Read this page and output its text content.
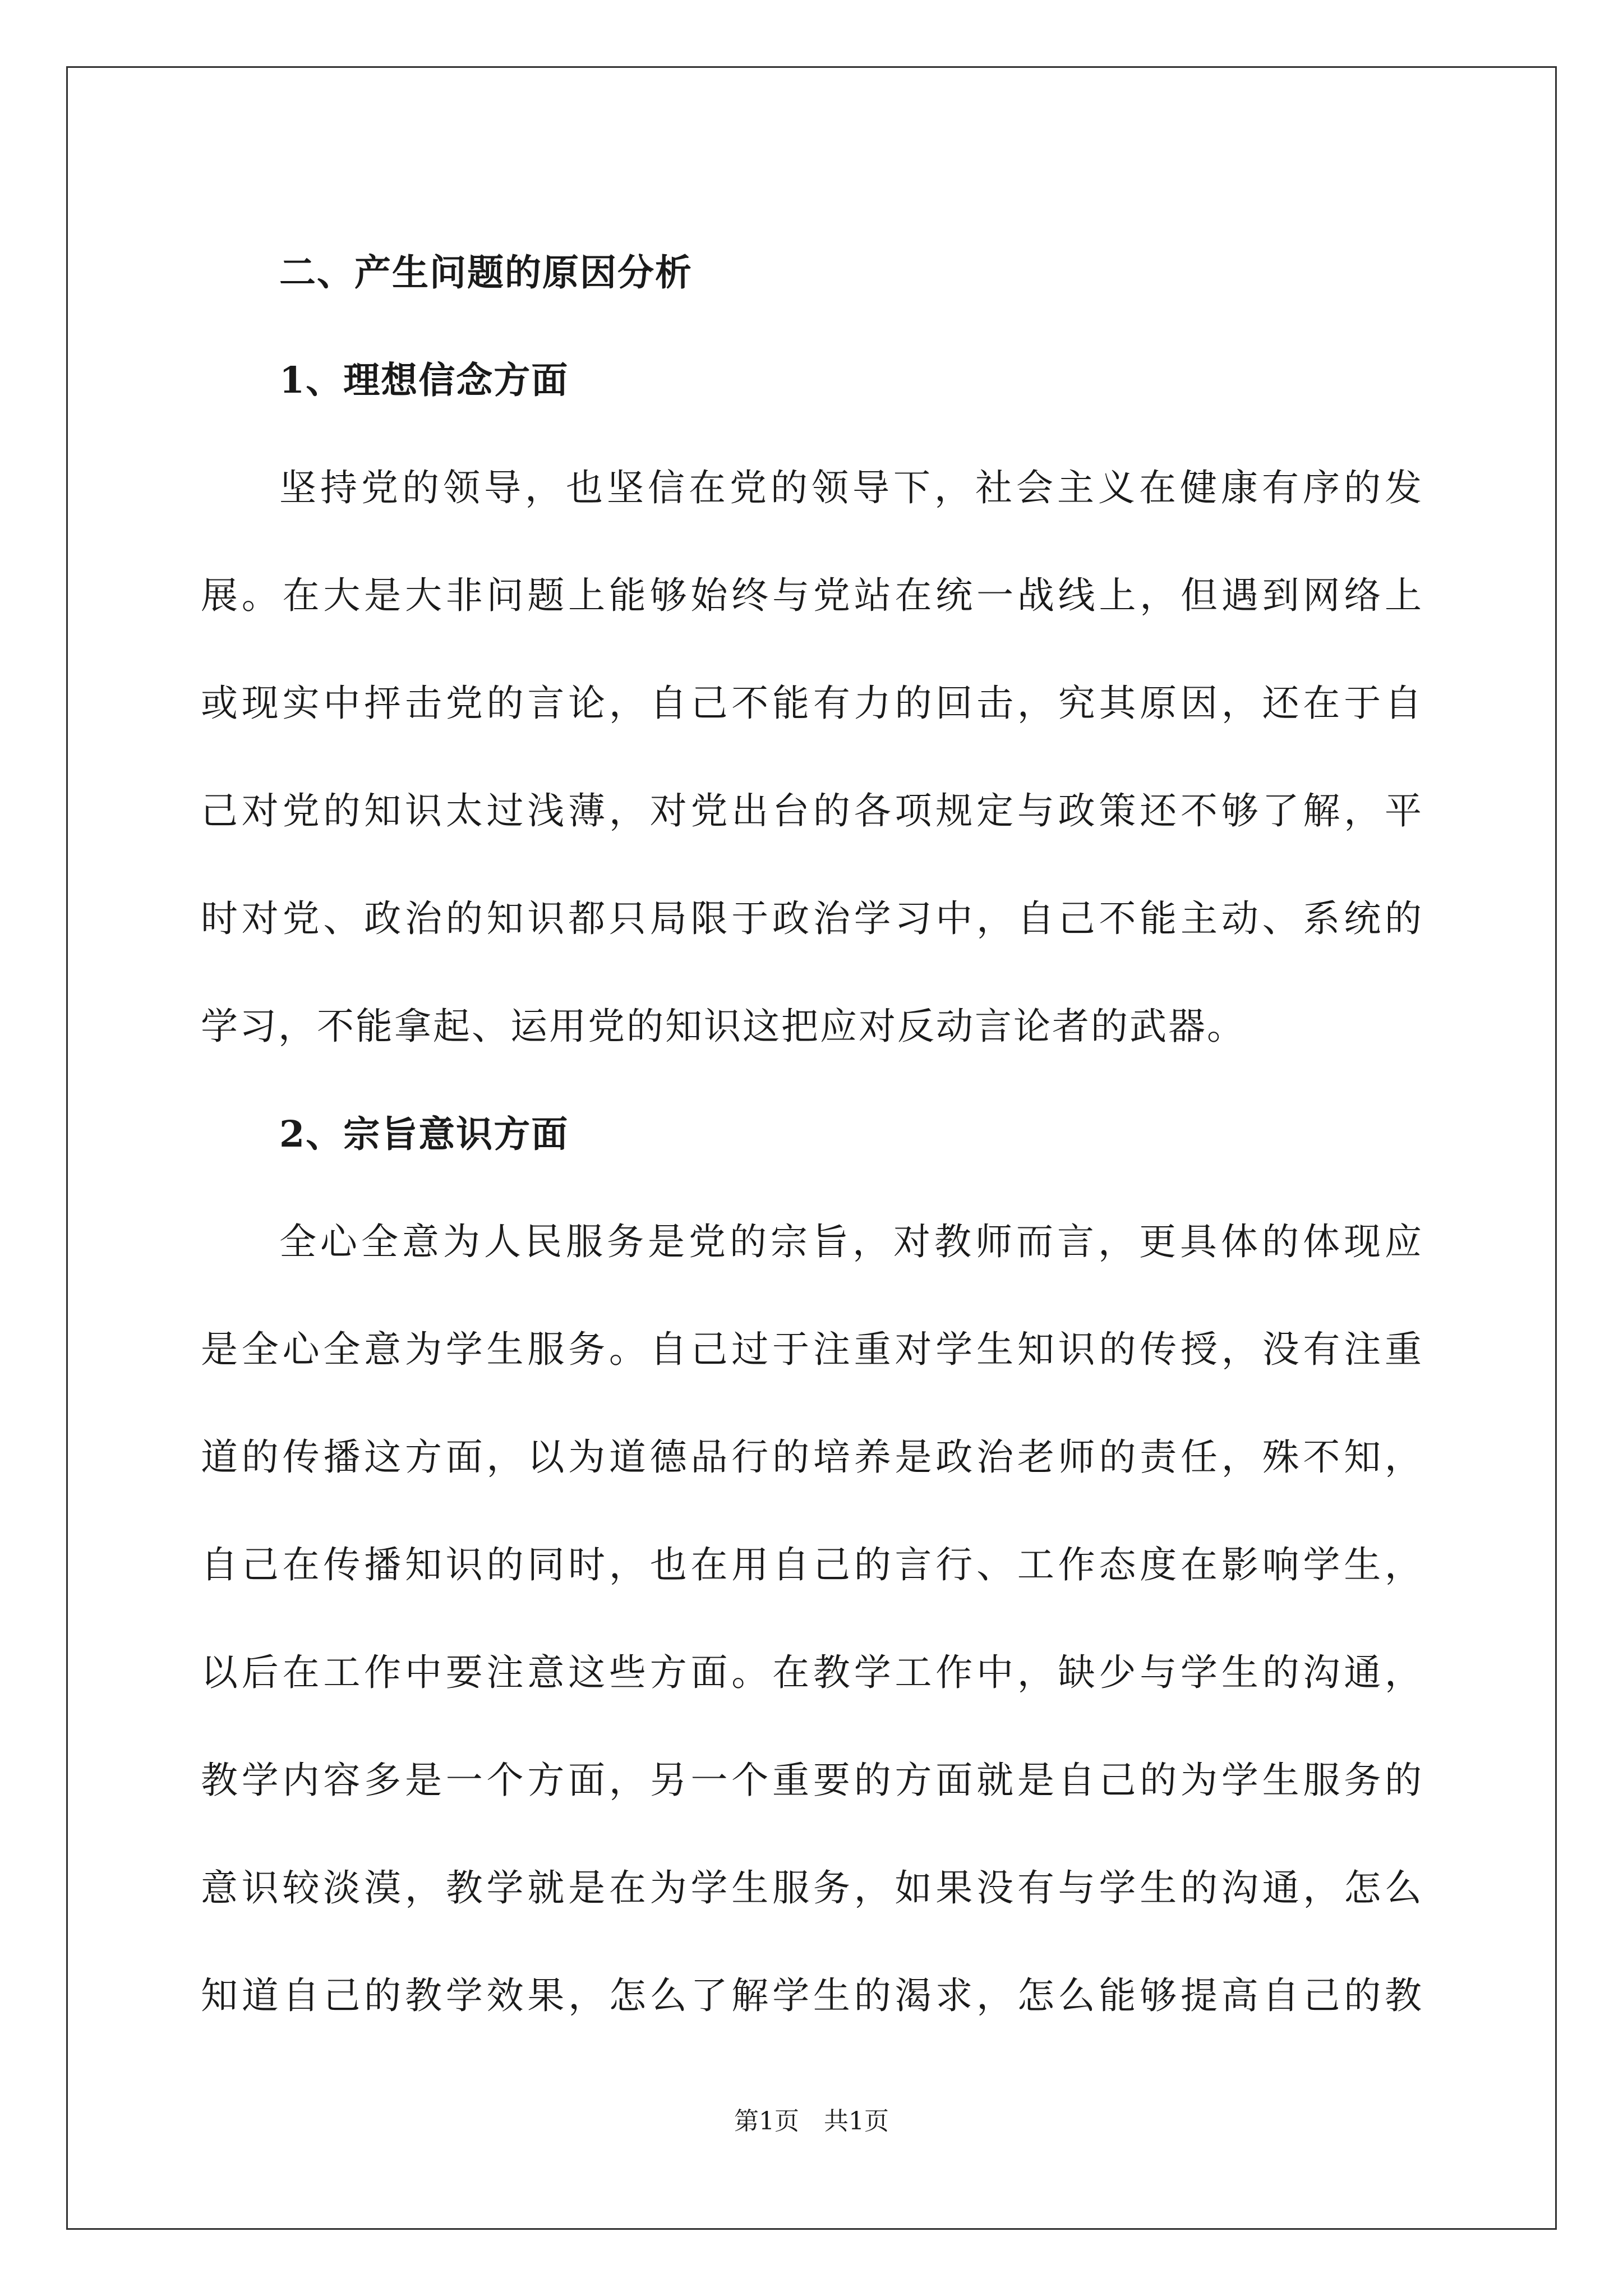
二、产生问题的原因分析
1、理想信念方面

坚持党的领导，也坚信在党的领导下，社会主义在健康有序的发
展。在大是大非问题上能够始终与党站在统一战线上，但遇到网络上
或现实中抨击党的言论，自己不能有力的回击，究其原因，还在于自
己对党的知识太过浅薄，对党出台的各项规定与政策还不够了解，平
时对党、政治的知识都只局限于政治学习中，自己不能主动、系统的
学习，不能拿起、运用党的知识这把应对反动言论者的武器。

2、宗旨意识方面

全心全意为人民服务是党的宗旨，对教师而言，更具体的体现应
是全心全意为学生服务。自己过于注重对学生知识的传授，没有注重
道的传播这方面，以为道德品行的培养是政治老师的责任，殊不知，
自己在传播知识的同时，也在用自己的言行、工作态度在影响学生，
以后在工作中要注意这些方面。在教学工作中，缺少与学生的沟通，
教学内容多是一个方面，另一个重要的方面就是自己的为学生服务的
意识较淡漠，教学就是在为学生服务，如果没有与学生的沟通，怎么
知道自己的教学效果，怎么了解学生的渴求，怎么能够提高自己的教

第1页　共1页
